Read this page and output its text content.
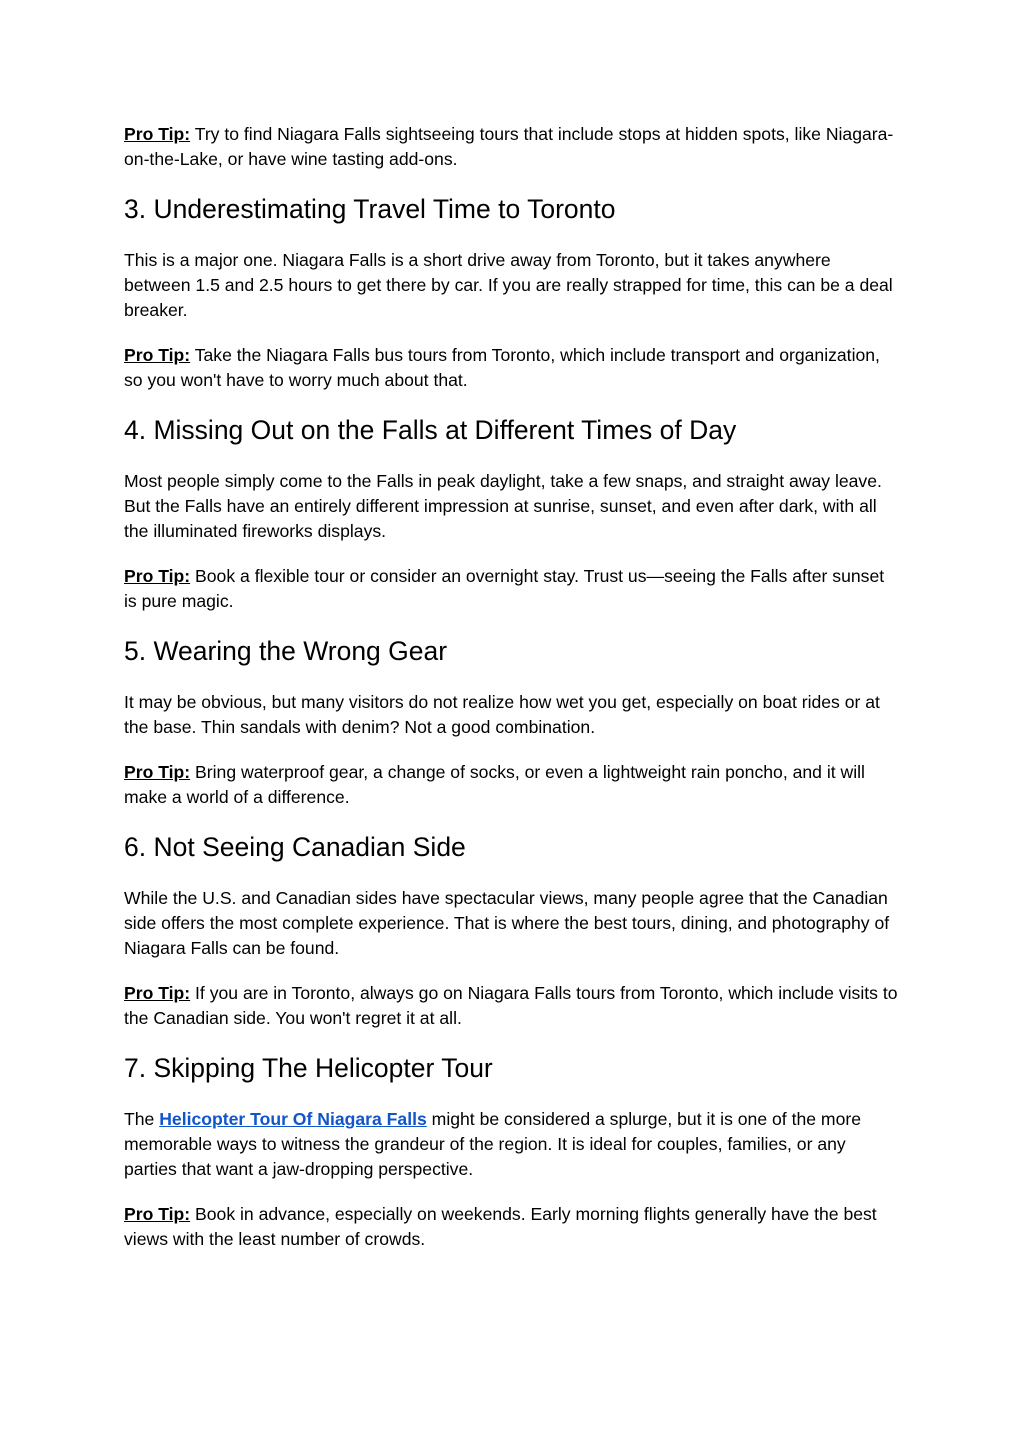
Pro Tip: Try to find Niagara Falls sightseeing tours that include stops at hidden spots, like Niagara-on-the-Lake, or have wine tasting add-ons.

3. Underestimating Travel Time to Toronto

This is a major one. Niagara Falls is a short drive away from Toronto, but it takes anywhere between 1.5 and 2.5 hours to get there by car. If you are really strapped for time, this can be a deal breaker.

Pro Tip: Take the Niagara Falls bus tours from Toronto, which include transport and organization, so you won't have to worry much about that.

4. Missing Out on the Falls at Different Times of Day

Most people simply come to the Falls in peak daylight, take a few snaps, and straight away leave. But the Falls have an entirely different impression at sunrise, sunset, and even after dark, with all the illuminated fireworks displays.

Pro Tip: Book a flexible tour or consider an overnight stay. Trust us—seeing the Falls after sunset is pure magic.

5. Wearing the Wrong Gear

It may be obvious, but many visitors do not realize how wet you get, especially on boat rides or at the base. Thin sandals with denim? Not a good combination.

Pro Tip: Bring waterproof gear, a change of socks, or even a lightweight rain poncho, and it will make a world of a difference.

6. Not Seeing Canadian Side

While the U.S. and Canadian sides have spectacular views, many people agree that the Canadian side offers the most complete experience. That is where the best tours, dining, and photography of Niagara Falls can be found.

Pro Tip: If you are in Toronto, always go on Niagara Falls tours from Toronto, which include visits to the Canadian side. You won't regret it at all.

7. Skipping The Helicopter Tour

The Helicopter Tour Of Niagara Falls might be considered a splurge, but it is one of the more memorable ways to witness the grandeur of the region. It is ideal for couples, families, or any parties that want a jaw-dropping perspective.

Pro Tip: Book in advance, especially on weekends. Early morning flights generally have the best views with the least number of crowds.
